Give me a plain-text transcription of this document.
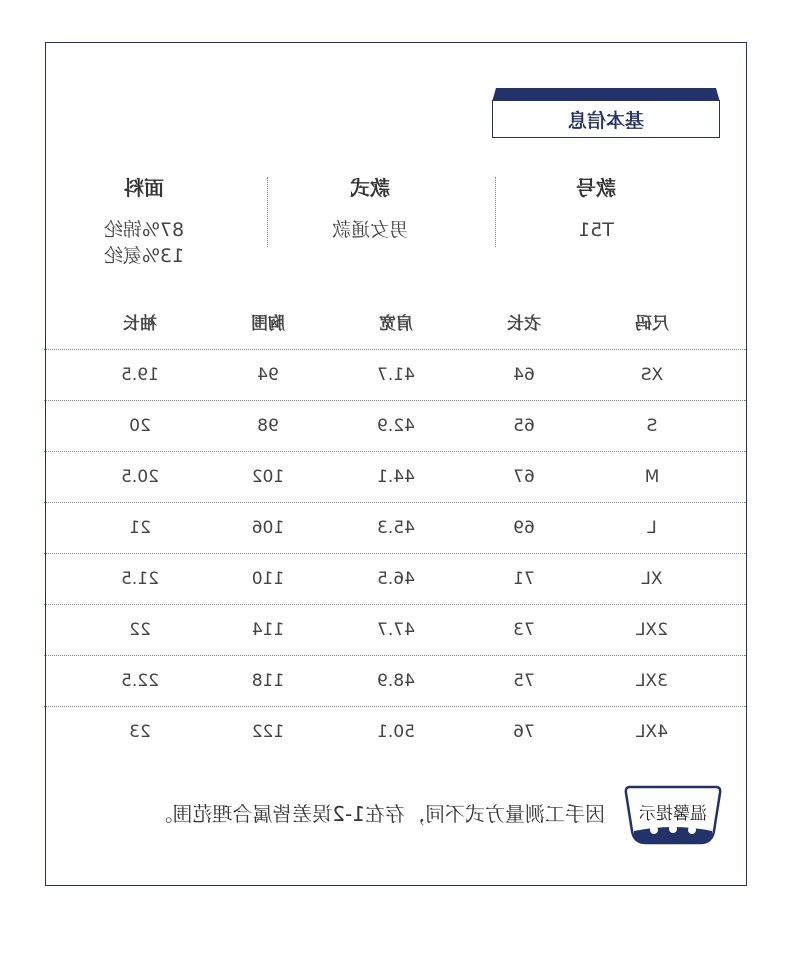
基本信息
款号
T51
款式
男女通款
面料
87%锦纶
13%氨纶
尺码
衣长
肩宽
胸围
袖长
XS
64
41.7
94
19.5
S
65
42.9
98
20
M
67
44.1
102
20.5
L
69
45.3
106
21
XL
71
46.5
110
21.5
2XL
73
47.7
114
22
3XL
75
48.9
118
22.5
4XL
76
50.1
122
23
温馨提示
因手工测量方式不同，存在1-2误差皆属合理范围。
